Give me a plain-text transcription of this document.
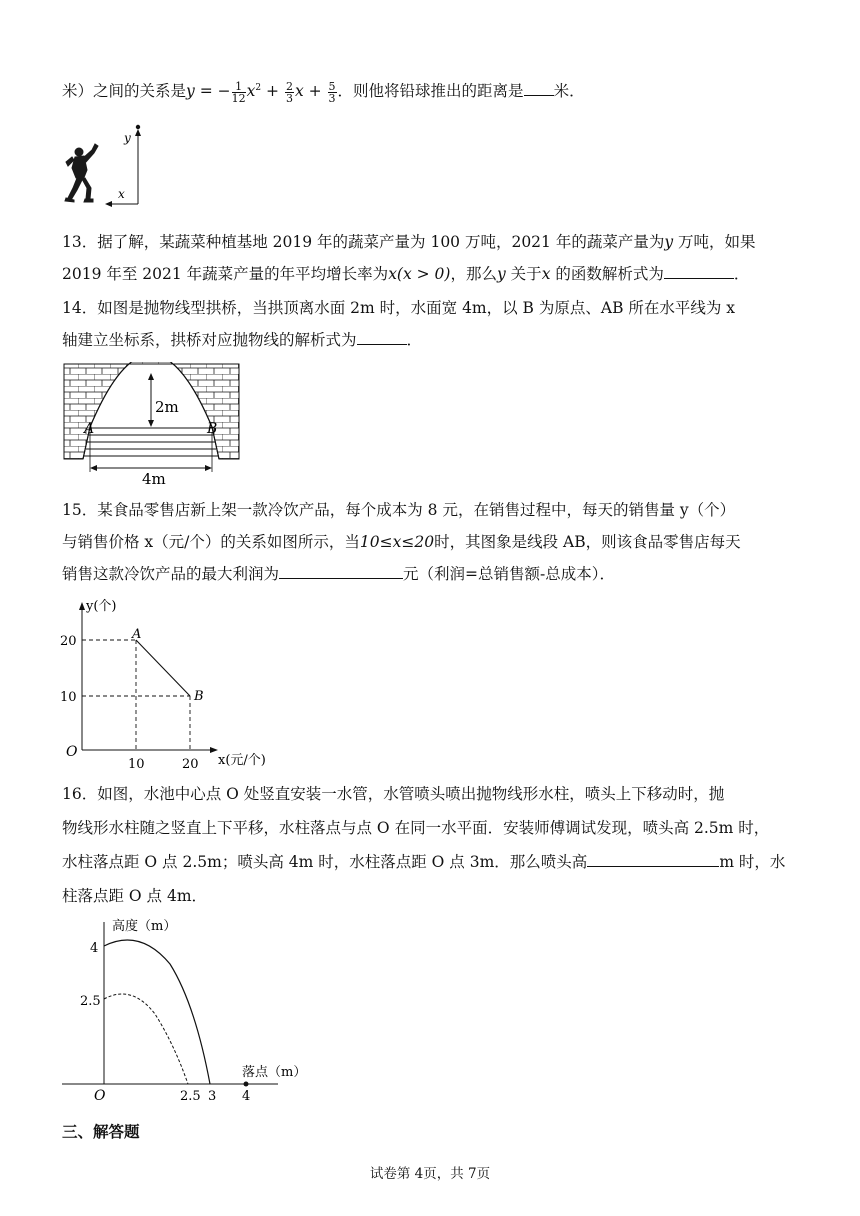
米）之间的关系是y = − $\frac{1}{12} x^2 + \frac{2}{3}$ $x + \frac{5}{3}$ ．则他将铅球推出的距离是 米．
y
x
13．据了解，某蔬菜种植基地 2019 年的蔬菜产量为 100 万吨，2021 年的蔬菜产量为y 万吨，如果
2019 年至 2021 年蔬菜产量的年平均增长率为x(x > 0)，那么y 关于x 的函数解析式为	．
14．如图是抛物线型拱桥，当拱顶离水面 2m 时，水面宽 4m，以 B 为原点、AB 所在水平线为 x
轴建立坐标系，拱桥对应抛物线的解析式为	．
2m
A	B
4m
15．某食品零售店新上架一款冷饮产品，每个成本为 8 元，在销售过程中，每天的销售量 y（个）
与销售价格 x（元/个）的关系如图所示，当10≤x≤20时，其图象是线段 AB，则该食品零售店每天
销售这款冷饮产品的最大利润为	元（利润=总销售额-总成本）．
y(个)
x(元/个)
O
A
B
20
10
10	20
16．如图，水池中心点 O 处竖直安装一水管，水管喷头喷出抛物线形水柱，喷头上下移动时，抛
物线形水柱随之竖直上下平移，水柱落点与点 O 在同一水平面．安装师傅调试发现，喷头高 2.5m 时，
水柱落点距 O 点 2.5m；喷头高 4m 时，水柱落点距 O 点 3m．那么喷头高	m 时，水
柱落点距 O 点 4m．
高度（m）
落点（m）
O
4
2.5
2.5 3 4
三、解答题
试卷第 4页，共 7页
